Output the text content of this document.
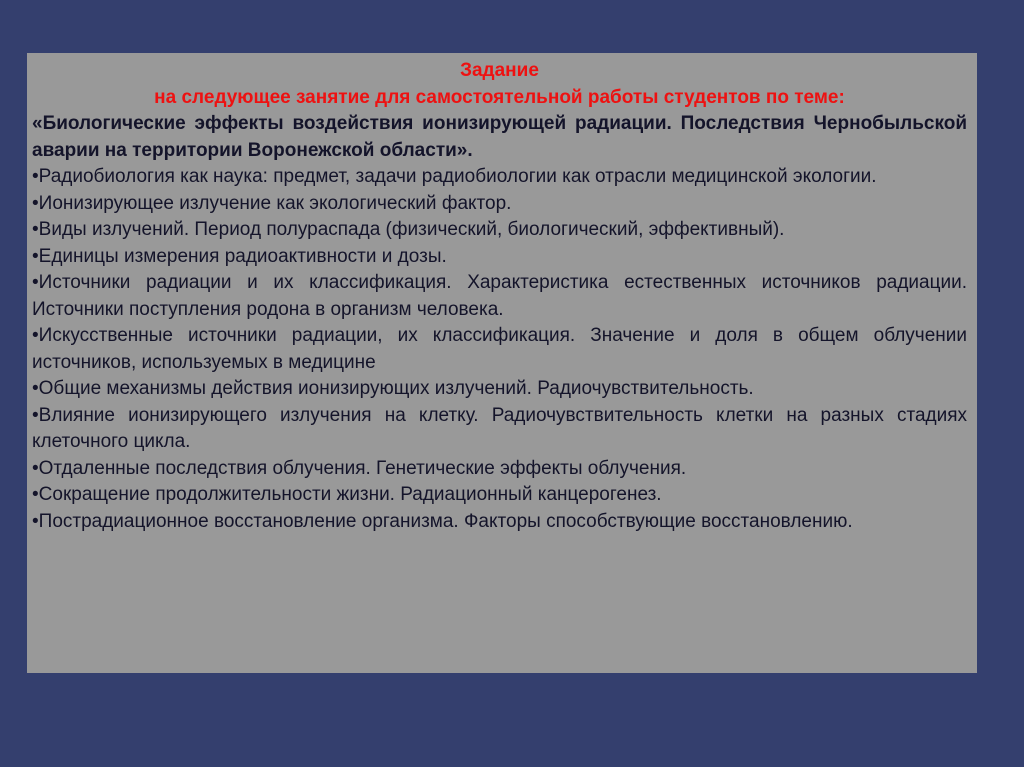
Задание

на следующее занятие для самостоятельной работы студентов по теме:

«Биологические эффекты воздействия ионизирующей радиации. Последствия Чернобыльской аварии на территории Воронежской области».

• Радиобиология как наука: предмет, задачи радиобиологии как отрасли медицинской экологии.
• Ионизирующее излучение как экологический фактор.
• Виды излучений. Период полураспада (физический, биологический, эффективный).
• Единицы измерения радиоактивности и дозы.
• Источники радиации и их классификация. Характеристика естественных источников радиации. Источники поступления родона в организм человека.
• Искусственные источники радиации, их классификация. Значение и доля в общем облучении источников, используемых в медицине
• Общие механизмы действия ионизирующих излучений. Радиочувствительность.
• Влияние ионизирующего излучения на клетку. Радиочувствительность клетки на разных стадиях клеточного цикла.
• Отдаленные последствия облучения. Генетические эффекты облучения.
• Сокращение продолжительности жизни. Радиационный канцерогенез.
• Пострадиационное восстановление организма. Факторы способствующие восстановлению.
